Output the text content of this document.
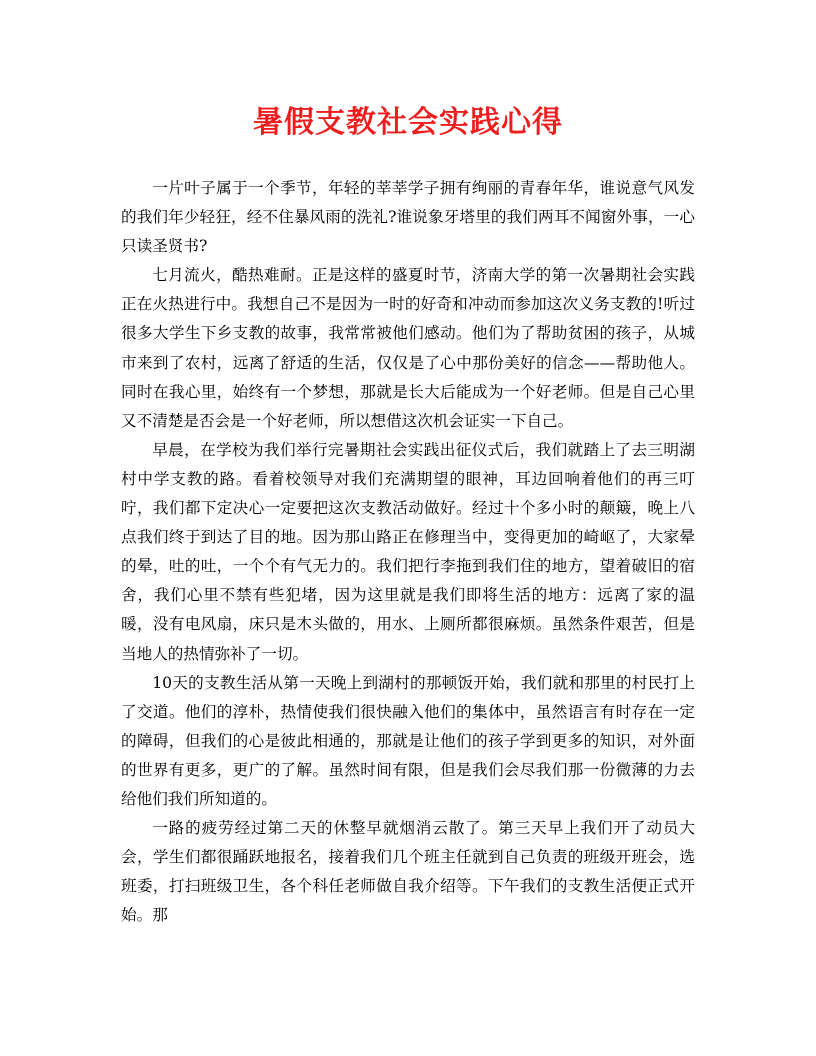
暑假支教社会实践心得

一片叶子属于一个季节，年轻的莘莘学子拥有绚丽的青春年华，谁说意气风发的我们年少轻狂，经不住暴风雨的洗礼?谁说象牙塔里的我们两耳不闻窗外事，一心只读圣贤书?

七月流火，酷热难耐。正是这样的盛夏时节，济南大学的第一次暑期社会实践正在火热进行中。我想自己不是因为一时的好奇和冲动而参加这次义务支教的!听过很多大学生下乡支教的故事，我常常被他们感动。他们为了帮助贫困的孩子，从城市来到了农村，远离了舒适的生活，仅仅是了心中那份美好的信念——帮助他人。同时在我心里，始终有一个梦想，那就是长大后能成为一个好老师。但是自己心里又不清楚是否会是一个好老师，所以想借这次机会证实一下自己。

早晨，在学校为我们举行完暑期社会实践出征仪式后，我们就踏上了去三明湖村中学支教的路。看着校领导对我们充满期望的眼神，耳边回响着他们的再三叮咛，我们都下定决心一定要把这次支教活动做好。经过十个多小时的颠簸，晚上八点我们终于到达了目的地。因为那山路正在修理当中，变得更加的崎岖了，大家晕的晕，吐的吐，一个个有气无力的。我们把行李拖到我们住的地方，望着破旧的宿舍，我们心里不禁有些犯堵，因为这里就是我们即将生活的地方：远离了家的温暖，没有电风扇，床只是木头做的，用水、上厕所都很麻烦。虽然条件艰苦，但是当地人的热情弥补了一切。

10天的支教生活从第一天晚上到湖村的那顿饭开始，我们就和那里的村民打上了交道。他们的淳朴，热情使我们很快融入他们的集体中，虽然语言有时存在一定的障碍，但我们的心是彼此相通的，那就是让他们的孩子学到更多的知识，对外面的世界有更多，更广的了解。虽然时间有限，但是我们会尽我们那一份微薄的力去给他们我们所知道的。

一路的疲劳经过第二天的休整早就烟消云散了。第三天早上我们开了动员大会，学生们都很踊跃地报名，接着我们几个班主任就到自己负责的班级开班会，选班委，打扫班级卫生，各个科任老师做自我介绍等。下午我们的支教生活便正式开始。那
